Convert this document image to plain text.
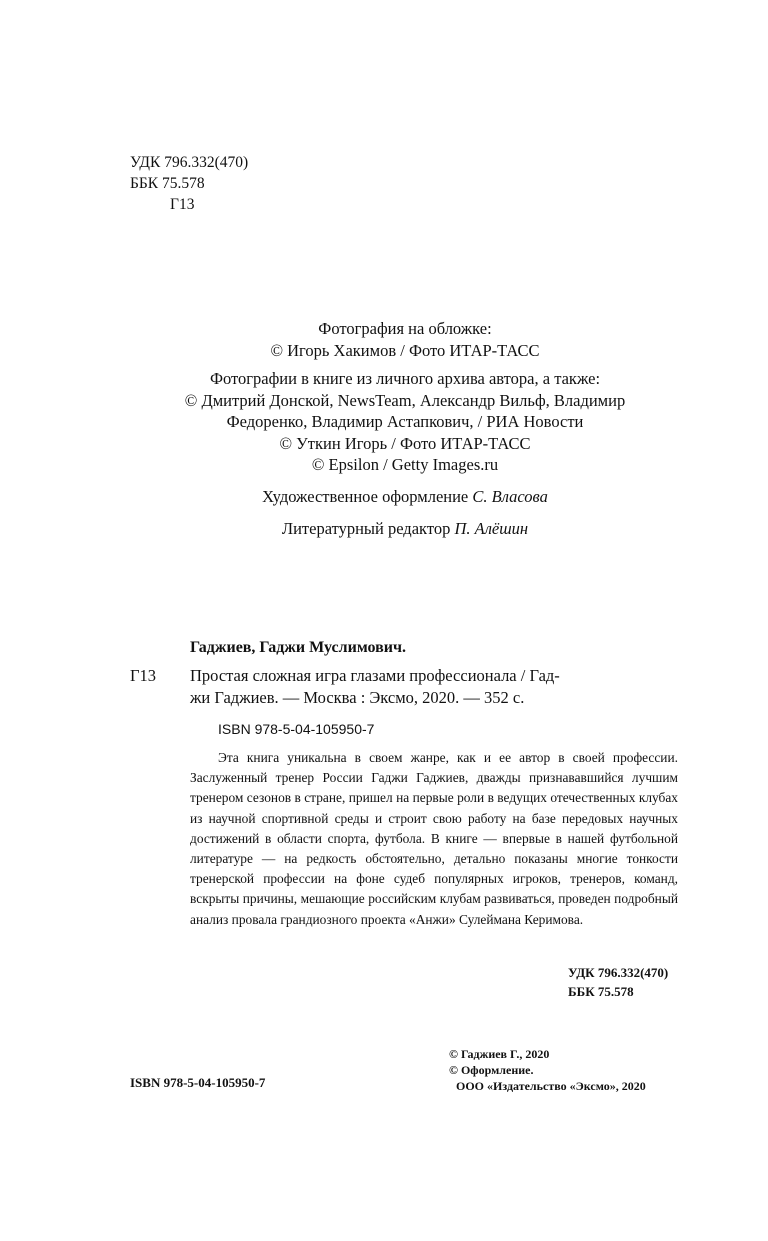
УДК 796.332(470)
ББК 75.578
Г13
Фотография на обложке:
© Игорь Хакимов / Фото ИТАР-ТАСС
Фотографии в книге из личного архива автора, а также:
© Дмитрий Донской, NewsTeam, Александр Вильф, Владимир
Федоренко, Владимир Астапкович, / РИА Новости
© Уткин Игорь / Фото ИТАР-ТАСС
© Epsilon / Getty Images.ru
Художественное оформление С. Власова
Литературный редактор П. Алёшин
Гаджиев, Гаджи Муслимович.
Г13 Простая сложная игра глазами профессионала / Гад-
жи Гаджиев. — Москва : Эксмо, 2020. — 352 с.
ISBN 978-5-04-105950-7

Эта книга уникальна в своем жанре, как и ее автор в своей профессии. Заслуженный тренер России Гаджи Гаджиев, дважды признававшийся лучшим тренером сезонов в стране, пришел на первые роли в ведущих отечественных клубах из научной спортивной среды и строит свою работу на базе передовых научных достижений в области спорта, футбола. В книге — впервые в нашей футбольной литературе — на редкость обстоятельно, детально показаны многие тонкости тренерской профессии на фоне судеб популярных игроков, тренеров, команд, вскрыты причины, мешающие российским клубам развиваться, проведен подробный анализ провала грандиозного проекта «Анжи» Сулеймана Керимова.

УДК 796.332(470)
ББК 75.578
© Гаджиев Г., 2020
© Оформление.
ООО «Издательство «Эксмо», 2020
ISBN 978-5-04-105950-7
